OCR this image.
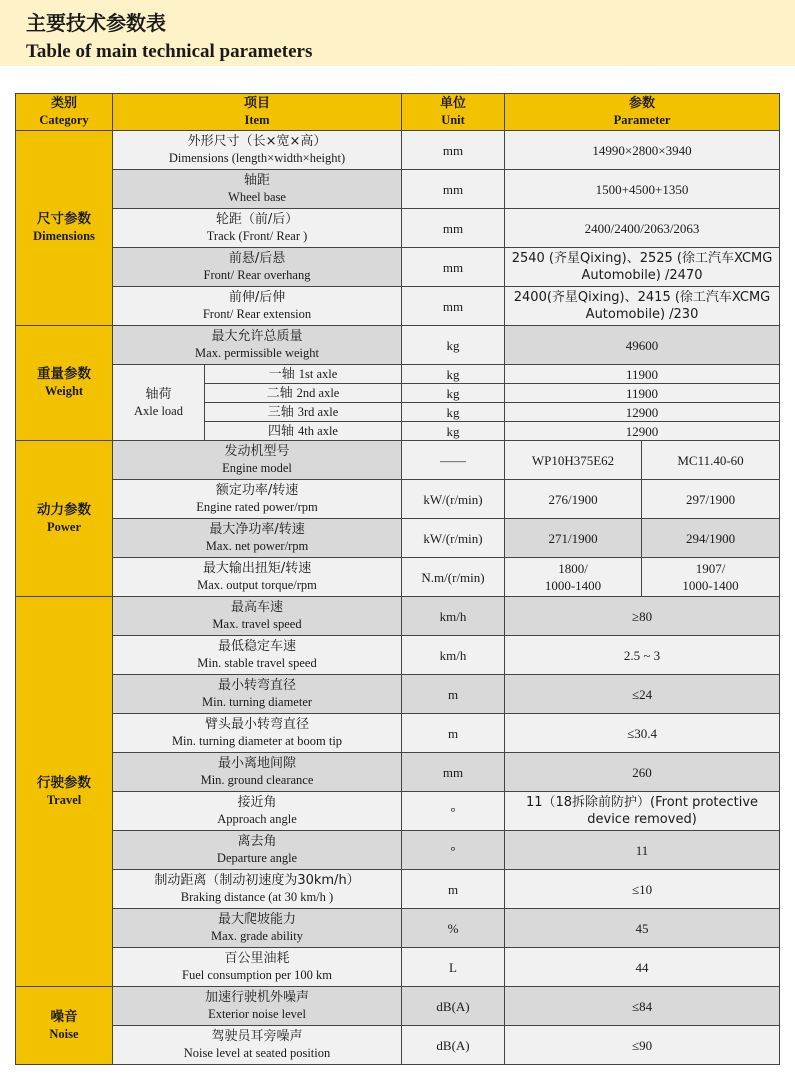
主要技术参数表
Table of main technical parameters
类别
Category	项目
Item		单位
Unit	参数
Parameter	

尺寸参数
Dimensions	外形尺寸（长×宽×高）
Dimensions (length×width×height)		mm	14990×2800×3940	

	轴距
Wheel base		mm	1500+4500+1350	

	轮距（前/后）
Track (Front/ Rear )		mm	2400/2400/2063/2063	

	前悬/后悬
Front/ Rear overhang		mm	2540 (齐星Qixing)、2525 (徐工汽车XCMG
Automobile) /2470	

	前伸/后伸
Front/ Rear extension		mm	2400(齐星Qixing)、2415 (徐工汽车XCMG
Automobile) /230	

重量参数
Weight	最大允许总质量
Max. permissible weight		kg	49600	

	轴荷
Axle load	一轴 1st axle	kg	11900	
		二轴 2nd axle	kg	11900	
		三轴 3rd axle	kg	12900	
		四轴 4th axle	kg	12900	

动力参数
Power	发动机型号
Engine model		——	WP10H375E62	MC11.40-60

	额定功率/转速
Engine rated power/rpm		kW/(r/min)	276/1900	297/1900

	最大净功率/转速
Max. net power/rpm		kW/(r/min)	271/1900	294/1900

	最大输出扭矩/转速
Max. output torque/rpm		N.m/(r/min)	1800/
1000-1400	1907/
1000-1400

行驶参数
Travel	最高车速
Max. travel speed		km/h	≥80	

	最低稳定车速
Min. stable travel speed		km/h	2.5 ~ 3	

	最小转弯直径
Min. turning diameter		m	≤24	

	臂头最小转弯直径
Min. turning diameter at boom tip		m	≤30.4	

	最小离地间隙
Min. ground clearance		mm	260	

	接近角
Approach angle		°	11（18拆除前防护）(Front protective
device removed)	

	离去角
Departure angle		°	11	

	制动距离（制动初速度为30km/h）
Braking distance (at 30 km/h )		m	≤10	

	最大爬坡能力
Max. grade ability		%	45	

	百公里油耗
Fuel consumption per 100 km		L	44	

噪音
Noise	加速行驶机外噪声
Exterior noise level		dB(A)	≤84	

	驾驶员耳旁噪声
Noise level at seated position		dB(A)	≤90	
